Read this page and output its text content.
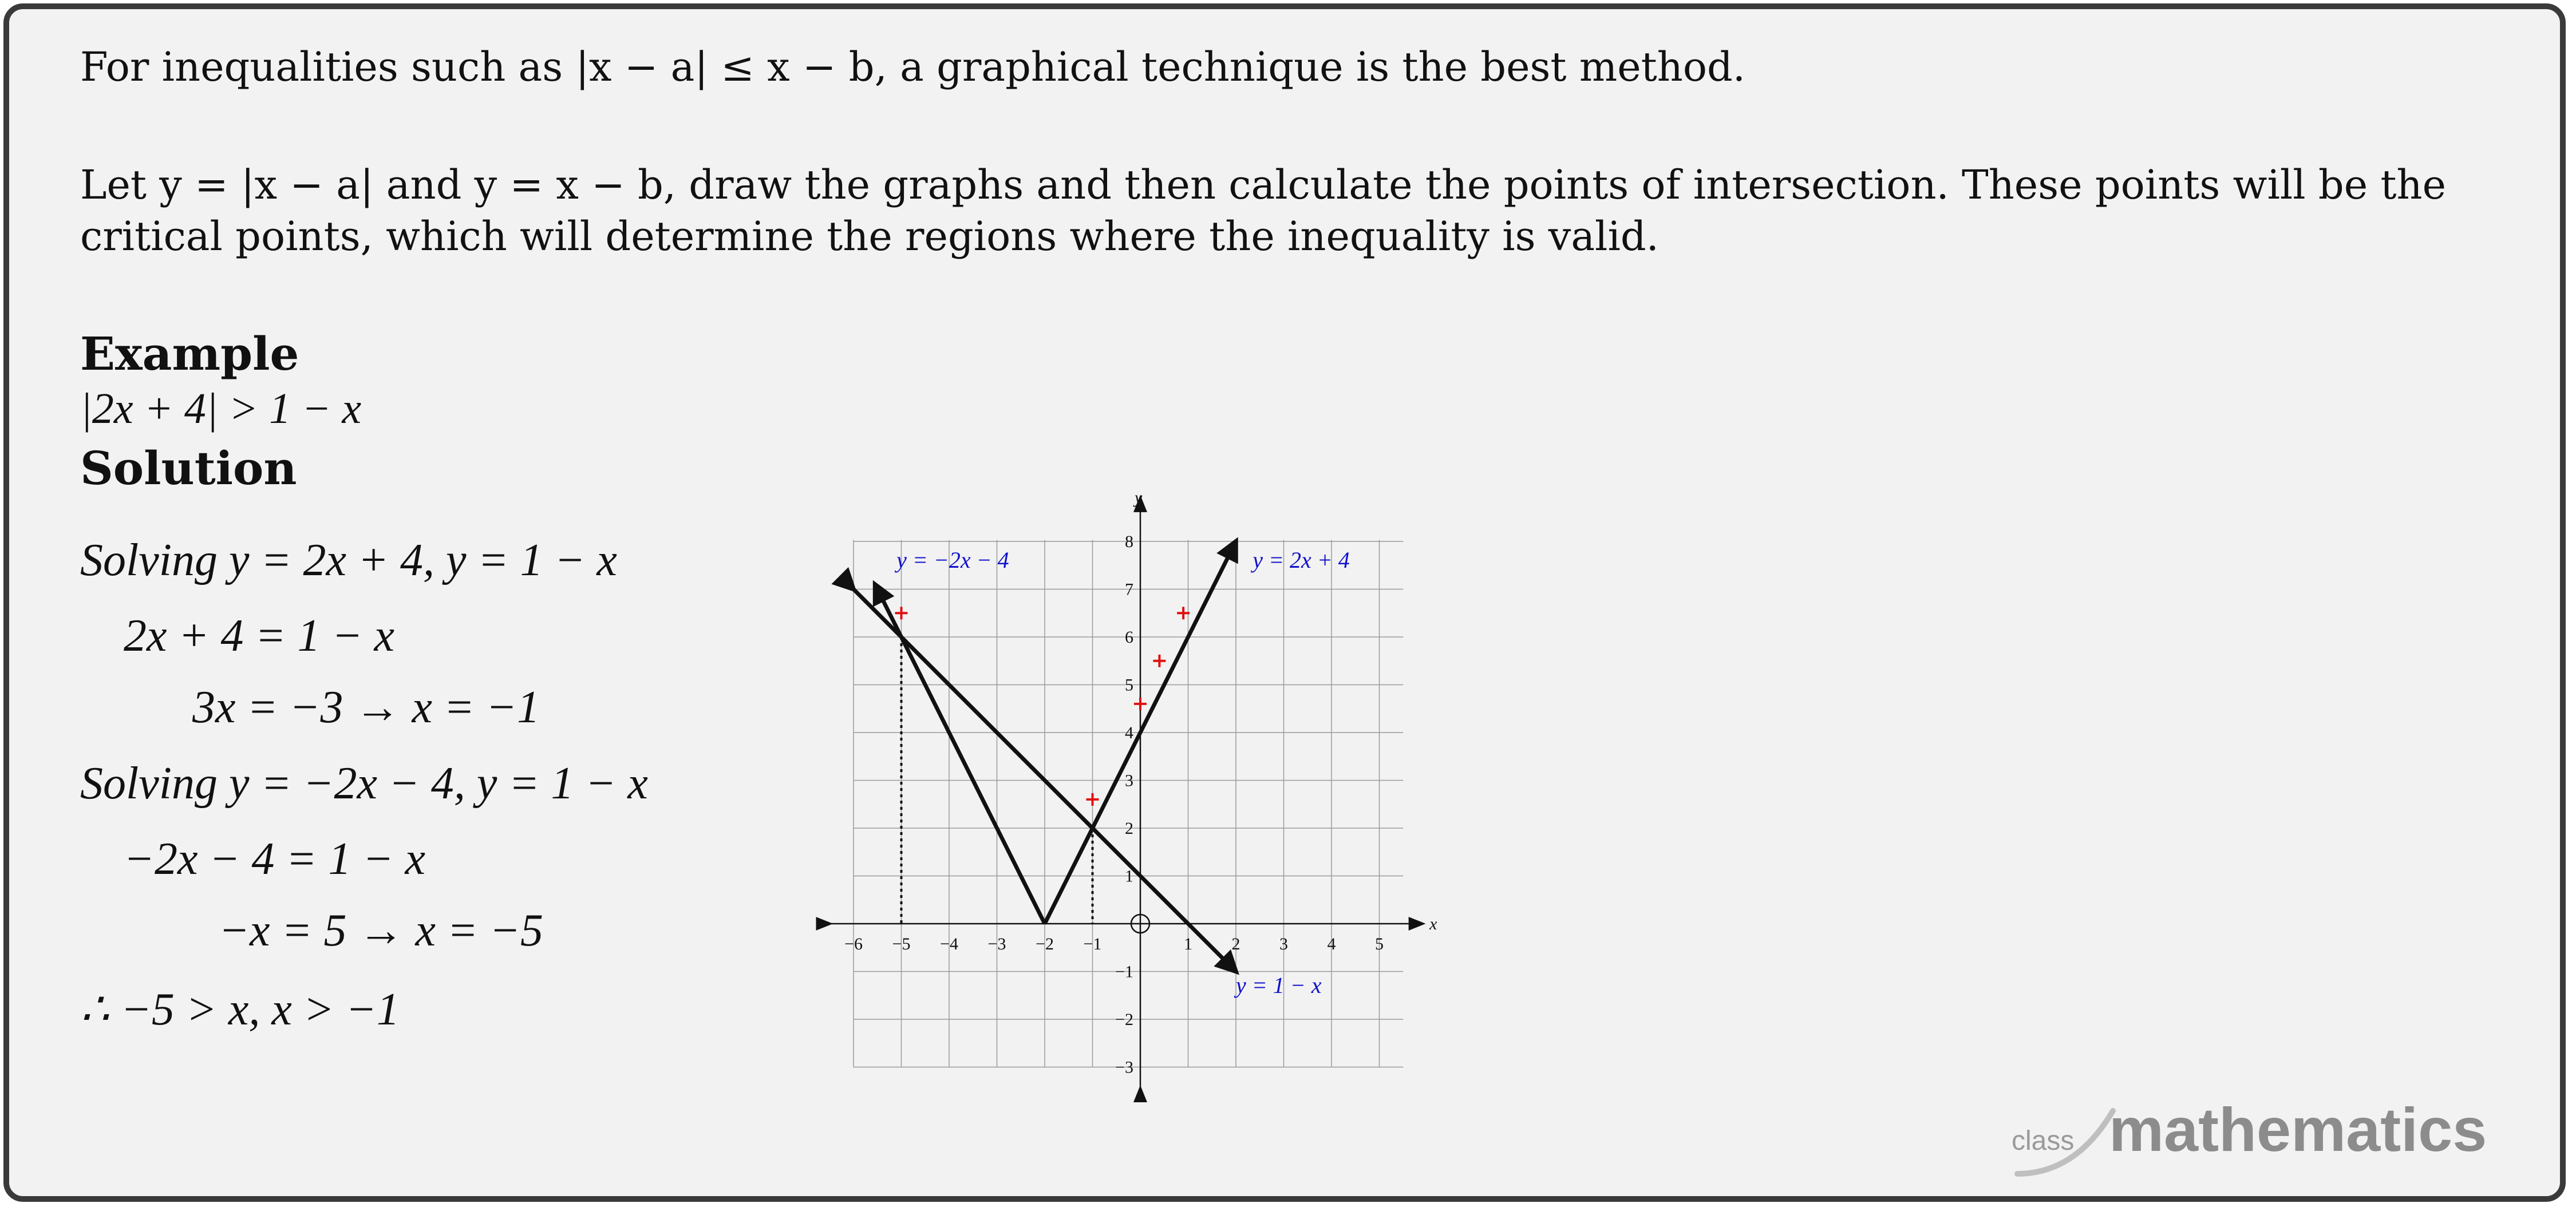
For inequalities such as |x − a| ≤ x − b, a graphical technique is the best method.
Let y = |x − a| and y = x − b, draw the graphs and then calculate the points of intersection. These points will be the
critical points, which will determine the regions where the inequality is valid.
Example
|2x + 4| > 1 − x
Solution
Solving y = 2x + 4, y = 1 − x
2x + 4 = 1 − x
3x = −3 → x = −1
Solving y = −2x − 4, y = 1 − x
−2x − 4 = 1 − x
−x = 5 → x = −5
∴ −5 > x, x > −1
x
y
−6 −5 −4 −3 −2 −1	1 2 3 4 5
−3
−2
−1
1
2
3
4
5
6
7
8
y = −2x − 4	y = 2x + 4
y = 1 − x
class mathematics
